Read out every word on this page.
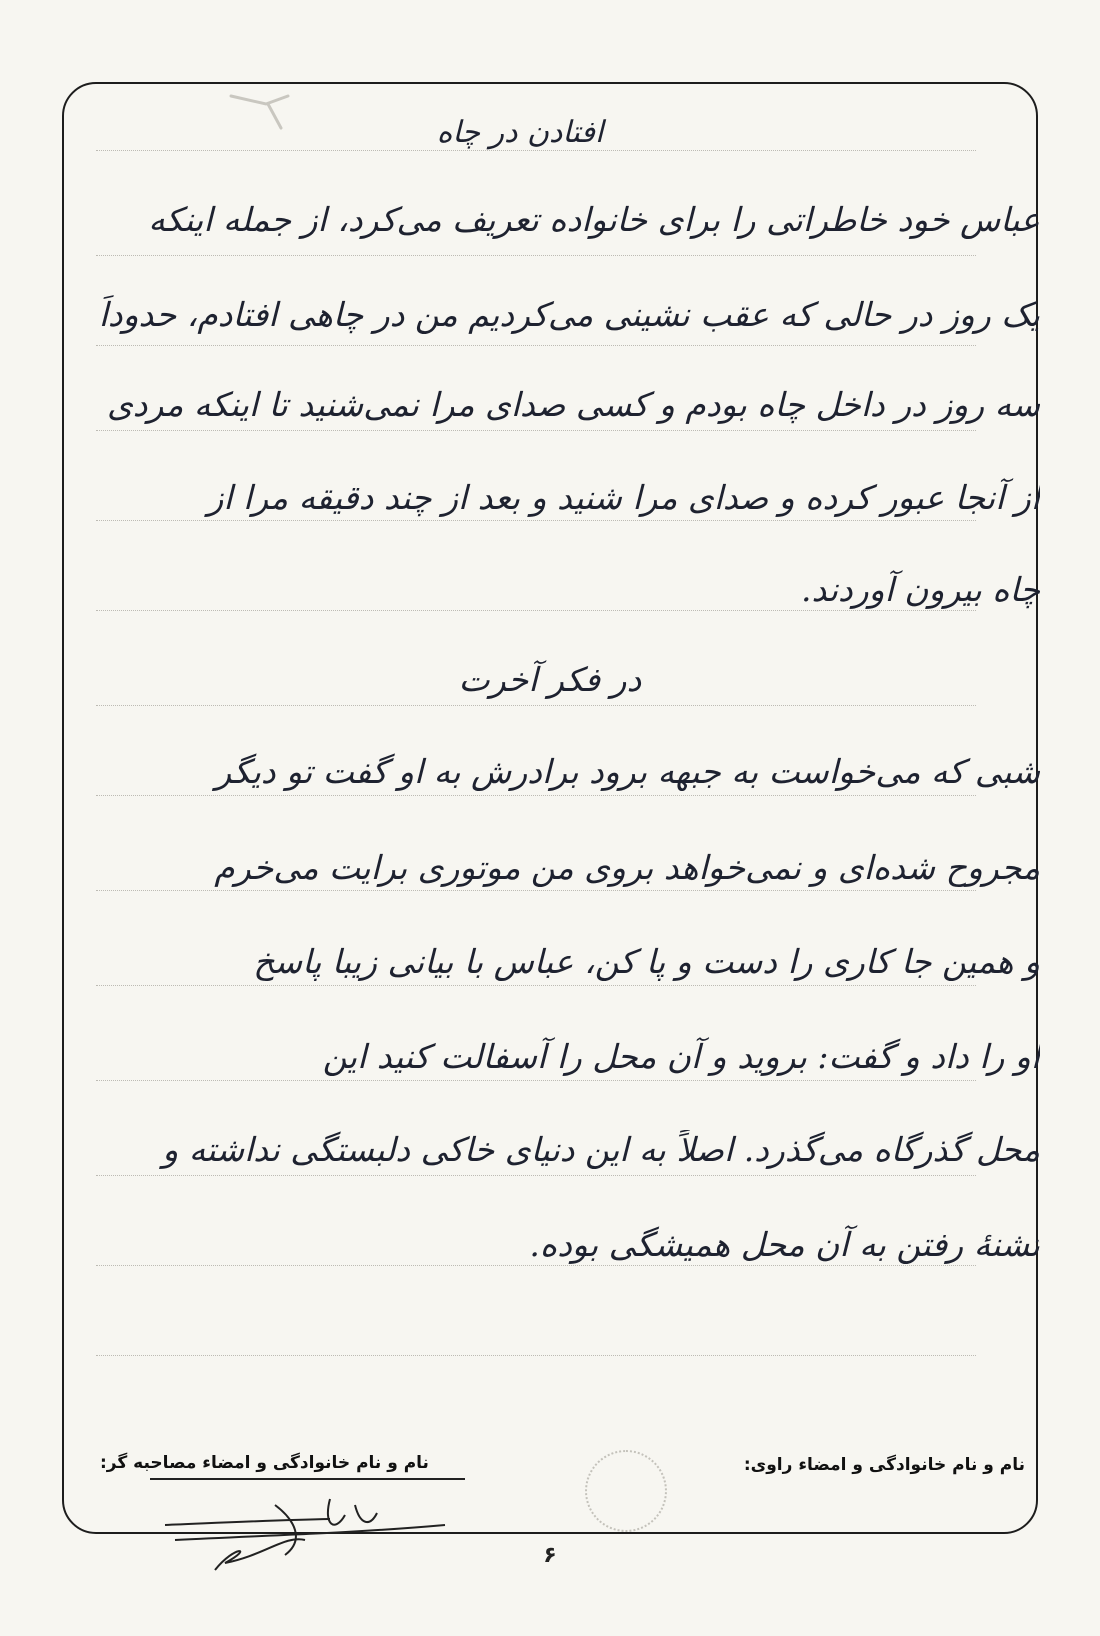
افتادن در چاه
عباس خود خاطراتی را برای خانواده تعریف می‌کرد، از جمله اینکه
یک روز در حالی که عقب نشینی می‌کردیم من در چاهی افتادم، حدوداً
سه روز در داخل چاه بودم و کسی صدای مرا نمی‌شنید تا اینکه مردی
از آنجا عبور کرده و صدای مرا شنید و بعد از چند دقیقه مرا از
چاه بیرون آوردند.
در فکر آخرت
شبی که می‌خواست به جبهه برود برادرش به او گفت تو دیگر
مجروح شده‌ای و نمی‌خواهد بروی من موتوری برایت می‌خرم
و همین جا کاری را دست و پا کن، عباس با بیانی زیبا پاسخ
او را داد و گفت: بروید و آن محل را آسفالت کنید این
محل گذرگاه می‌گذرد. اصلاً به این دنیای خاکی دلبستگی نداشته و
تشنهٔ رفتن به آن محل همیشگی بوده.
نام و نام خانوادگی و امضاء راوی:
نام و نام خانوادگی و امضاء مصاحبه گر:
۶
